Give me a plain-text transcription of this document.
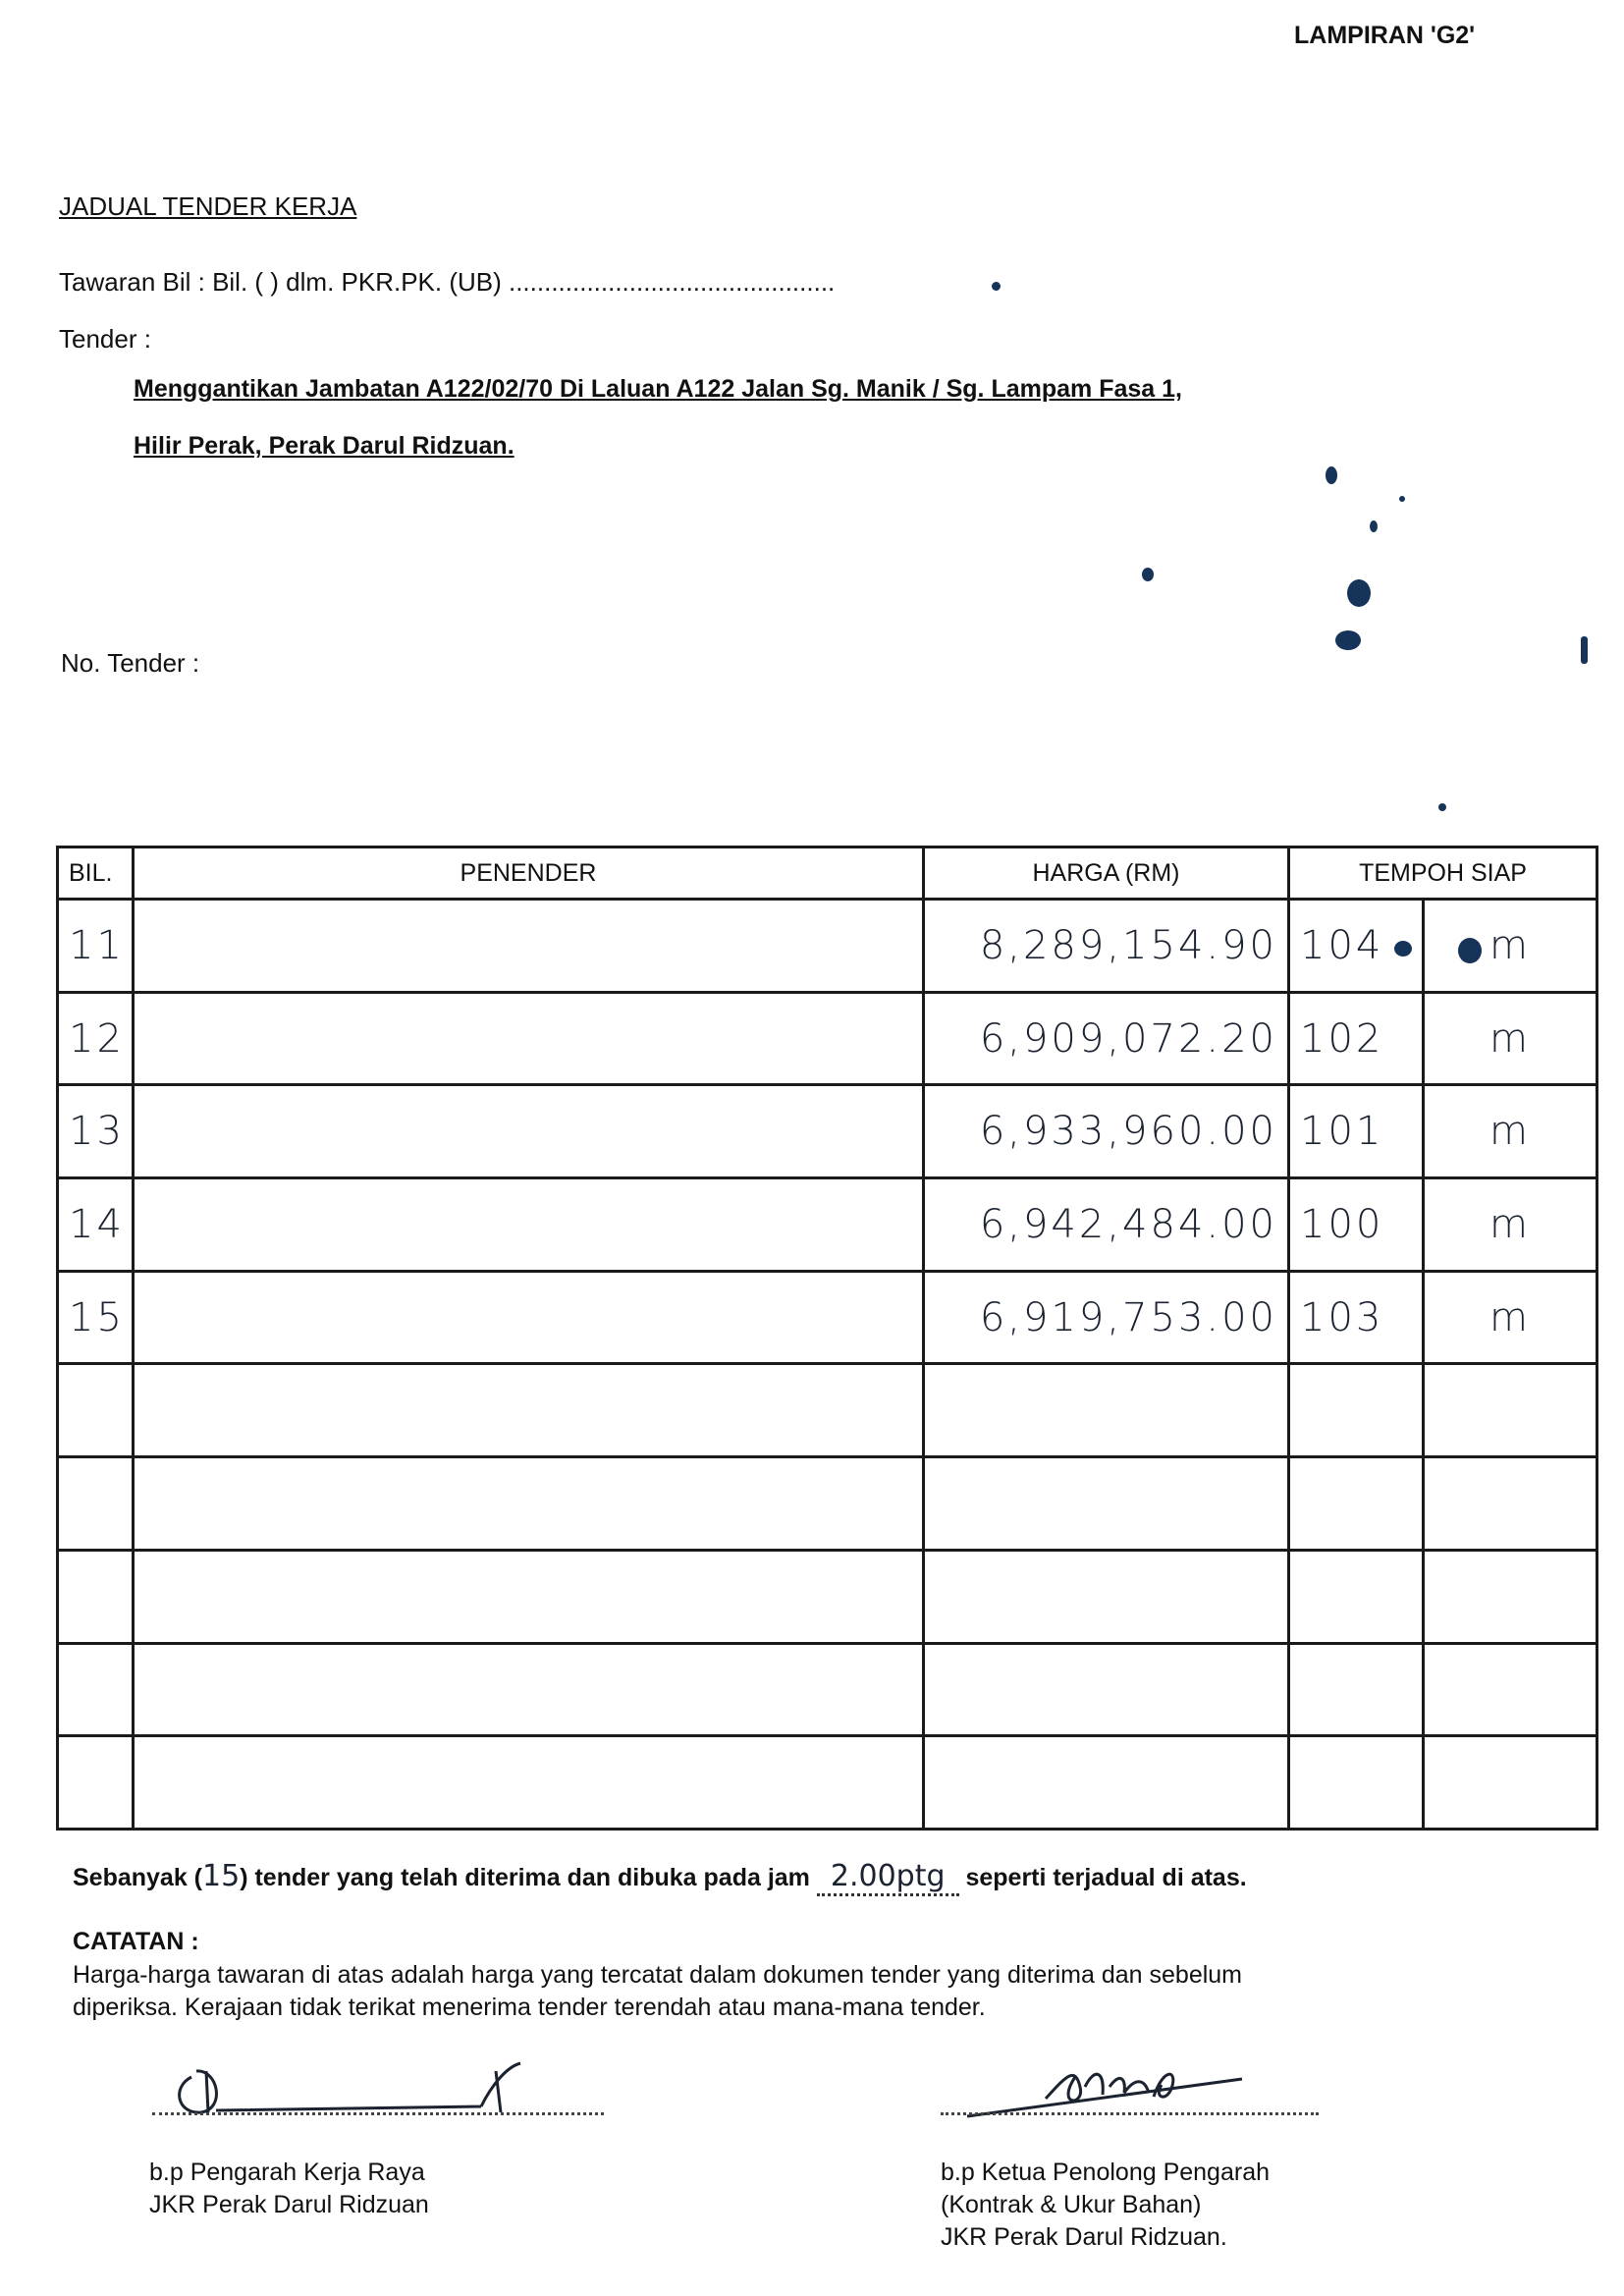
LAMPIRAN 'G2'
JADUAL TENDER KERJA
Tawaran Bil : Bil. ( ) dlm. PKR.PK. (UB) ..............................................
Tender :
Menggantikan Jambatan A122/02/70 Di Laluan A122 Jalan Sg. Manik / Sg. Lampam Fasa 1,
Hilir Perak, Perak Darul Ridzuan.
No. Tender :
BIL.	PENENDER	HARGA (RM)	TEMPOH SIAP	
11		8,289,154.90	104	m
12		6,909,072.20	102	m
13		6,933,960.00	101	m
14		6,942,484.00	100	m
15		6,919,753.00	103	m

Sebanyak (15) tender yang telah diterima dan dibuka pada jam 2.00ptg seperti terjadual di atas.
CATATAN :
Harga-harga tawaran di atas adalah harga yang tercatat dalam dokumen tender yang diterima dan sebelum diperiksa. Kerajaan tidak terikat menerima tender terendah atau mana-mana tender.
b.p Pengarah Kerja Raya
JKR Perak Darul Ridzuan
b.p Ketua Penolong Pengarah
(Kontrak & Ukur Bahan)
JKR Perak Darul Ridzuan.
